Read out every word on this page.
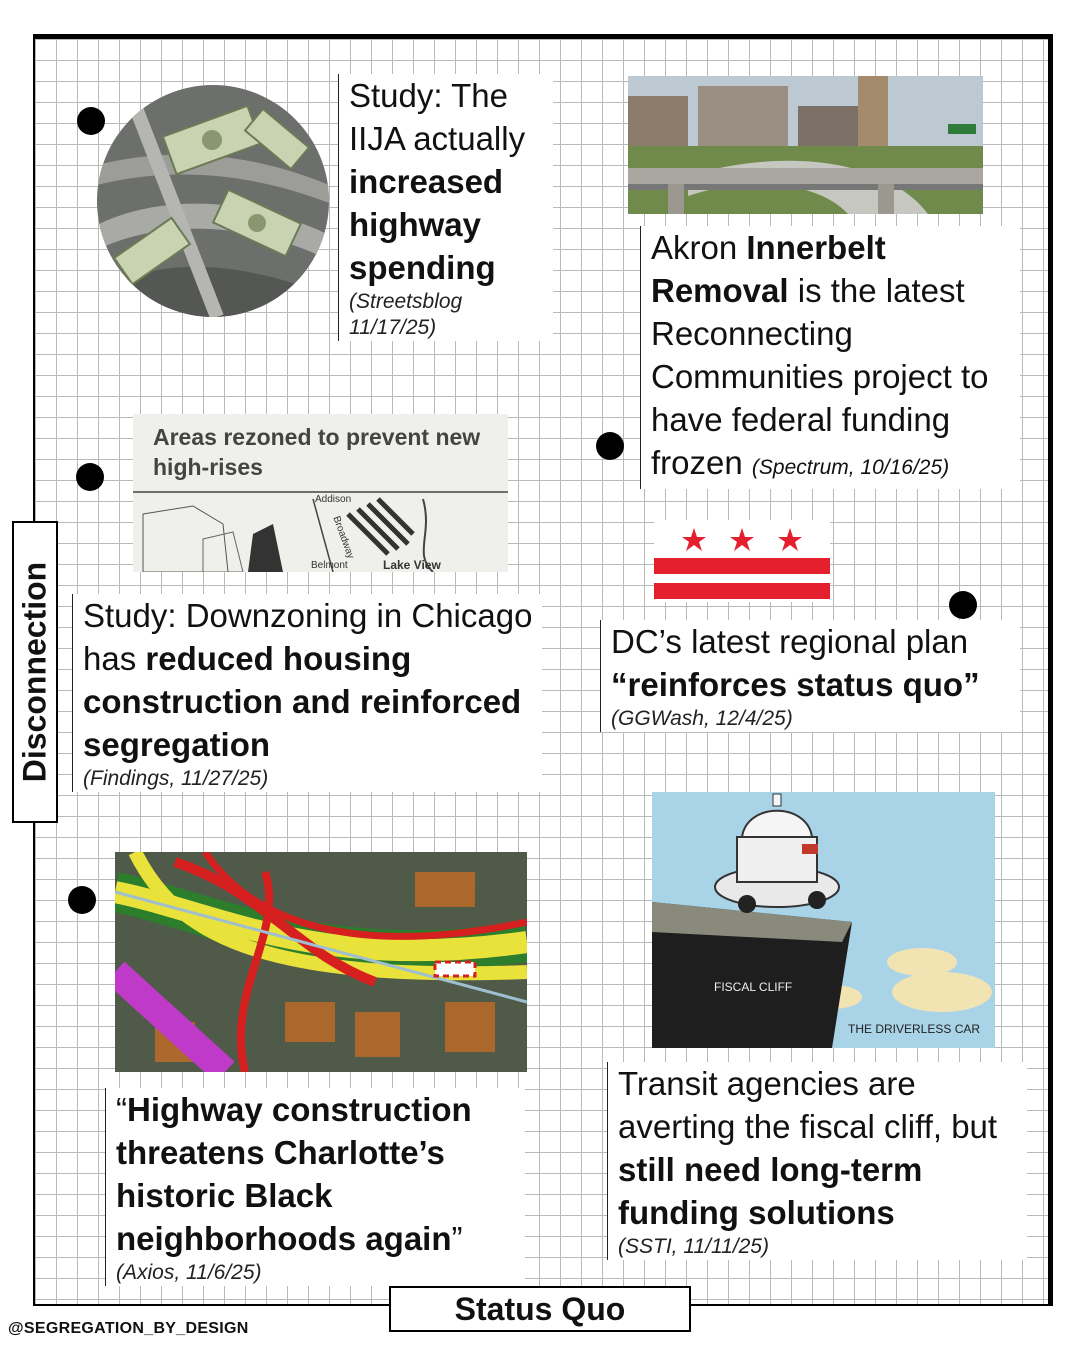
Study: The IIJA actually increased highway spending
(Streetsblog 11/17/25)
Akron Innerbelt Removal is the latest Reconnecting Communities project to have federal funding frozen (Spectrum, 10/16/25)
Areas rezoned to prevent new high-rises
Addison
Broadway
Belmont	Lake View
Study: Downzoning in Chicago has reduced housing construction and reinforced segregation
(Findings, 11/27/25)
DC’s latest regional plan “reinforces status quo”
(GGWash, 12/4/25)
“Highway construction threatens Charlotte’s historic Black neighborhoods again”
(Axios, 11/6/25)
FISCAL CLIFF
THE DRIVERLESS CAR
Transit agencies are averting the fiscal cliff, but still need long-term funding solutions
(SSTI, 11/11/25)
Disconnection
Status Quo
@SEGREGATION_BY_DESIGN
